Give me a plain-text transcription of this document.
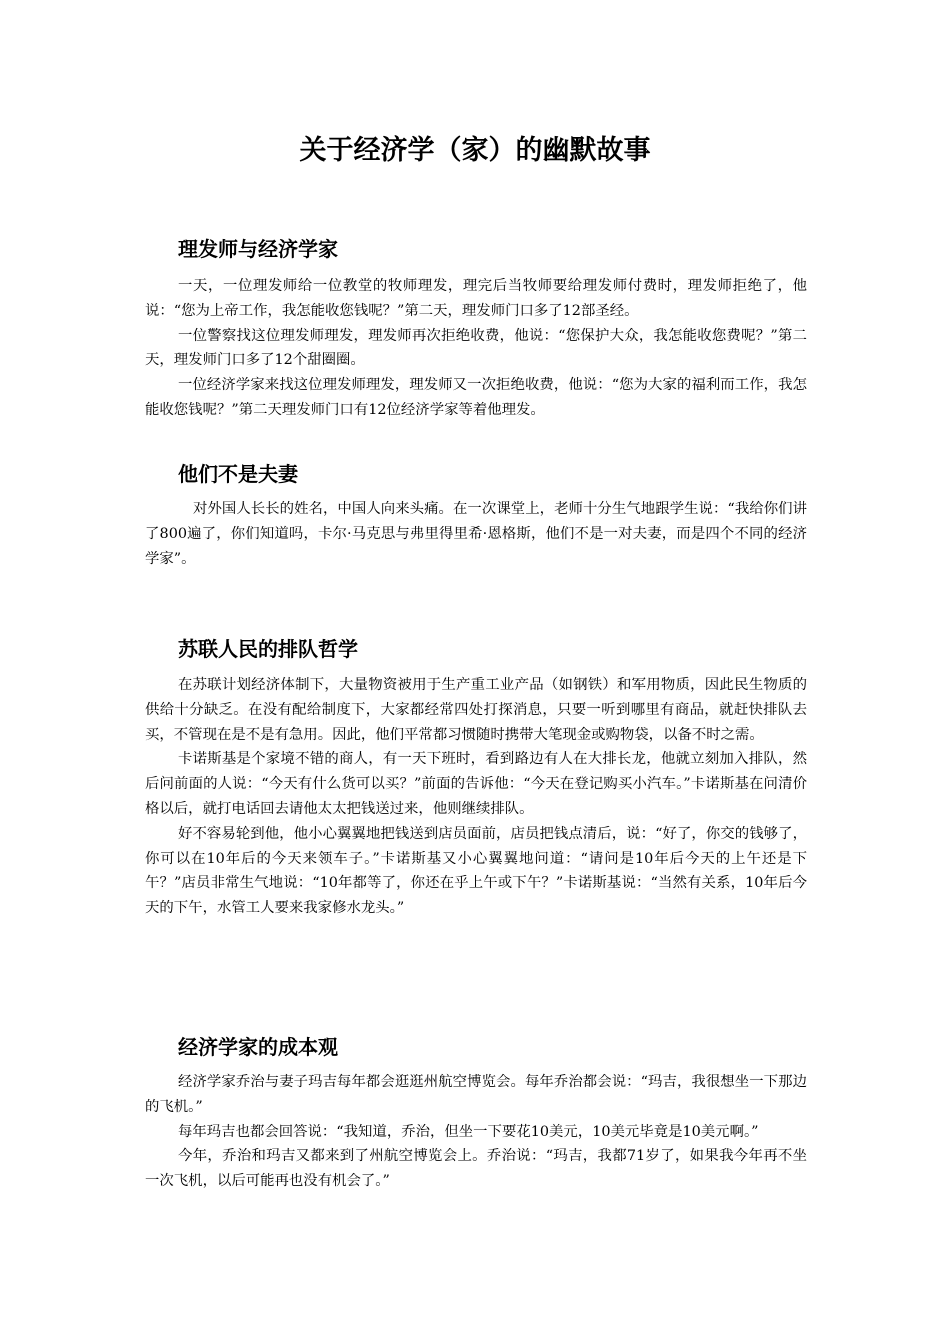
关于经济学（家）的幽默故事
理发师与经济学家

一天，一位理发师给一位教堂的牧师理发，理完后当牧师要给理发师付费时，理发师拒绝了，他说：“您为上帝工作，我怎能收您钱呢？”第二天，理发师门口多了12部圣经。

一位警察找这位理发师理发，理发师再次拒绝收费，他说：“您保护大众，我怎能收您费呢？”第二天，理发师门口多了12个甜圈圈。

一位经济学家来找这位理发师理发，理发师又一次拒绝收费，他说：“您为大家的福利而工作，我怎能收您钱呢？”第二天理发师门口有12位经济学家等着他理发。

他们不是夫妻

对外国人长长的姓名，中国人向来头痛。在一次课堂上，老师十分生气地跟学生说：“我给你们讲了800遍了，你们知道吗，卡尔·马克思与弗里得里希·恩格斯，他们不是一对夫妻，而是四个不同的经济学家”。

苏联人民的排队哲学

在苏联计划经济体制下，大量物资被用于生产重工业产品（如钢铁）和军用物质，因此民生物质的供给十分缺乏。在没有配给制度下，大家都经常四处打探消息，只要一听到哪里有商品，就赶快排队去买，不管现在是不是有急用。因此，他们平常都习惯随时携带大笔现金或购物袋，以备不时之需。

卡诺斯基是个家境不错的商人，有一天下班时，看到路边有人在大排长龙，他就立刻加入排队，然后问前面的人说：“今天有什么货可以买？”前面的告诉他：“今天在登记购买小汽车。”卡诺斯基在问清价格以后，就打电话回去请他太太把钱送过来，他则继续排队。

好不容易轮到他，他小心翼翼地把钱送到店员面前，店员把钱点清后，说：“好了，你交的钱够了，你可以在10年后的今天来领车子。”卡诺斯基又小心翼翼地问道：“请问是10年后今天的上午还是下午？”店员非常生气地说：“10年都等了，你还在乎上午或下午？”卡诺斯基说：“当然有关系，10年后今天的下午，水管工人要来我家修水龙头。”

经济学家的成本观

经济学家乔治与妻子玛吉每年都会逛逛州航空博览会。每年乔治都会说：“玛吉，我很想坐一下那边的飞机。”

每年玛吉也都会回答说：“我知道，乔治，但坐一下要花10美元，10美元毕竟是10美元啊。”

今年，乔治和玛吉又都来到了州航空博览会上。乔治说：“玛吉，我都71岁了，如果我今年再不坐一次飞机，以后可能再也没有机会了。”
